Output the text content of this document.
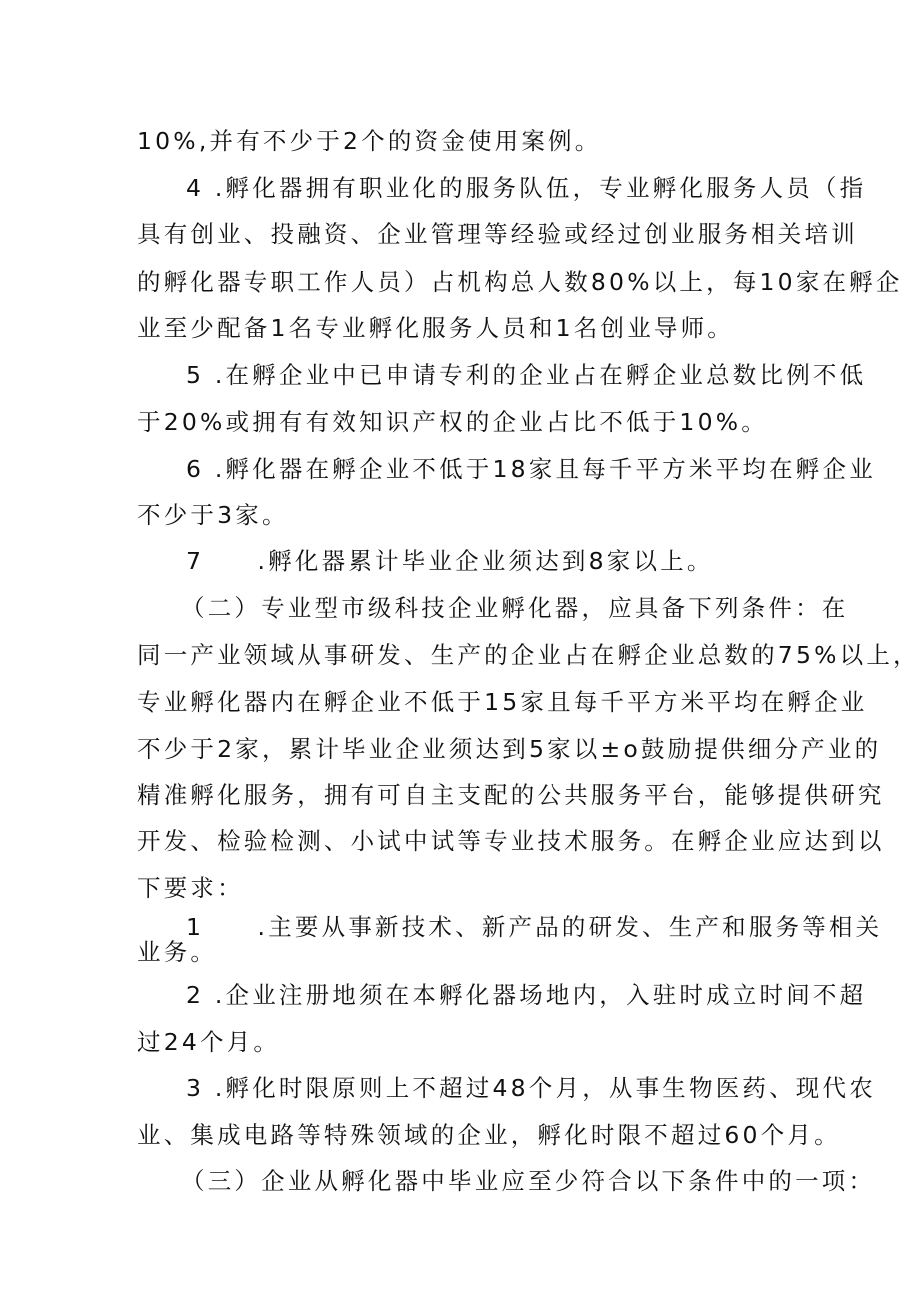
10%,并有不少于2个的资金使用案例。
4 .孵化器拥有职业化的服务队伍，专业孵化服务人员（指
具有创业、投融资、企业管理等经验或经过创业服务相关培训
的孵化器专职工作人员）占机构总人数80%以上，每10家在孵企
业至少配备1名专业孵化服务人员和1名创业导师。
5 .在孵企业中已申请专利的企业占在孵企业总数比例不低
于20%或拥有有效知识产权的企业占比不低于10%。
6 .孵化器在孵企业不低于18家且每千平方米平均在孵企业
不少于3家。
7　　.孵化器累计毕业企业须达到8家以上。
（二）专业型市级科技企业孵化器，应具备下列条件：在
同一产业领域从事研发、生产的企业占在孵企业总数的75%以上，
专业孵化器内在孵企业不低于15家且每千平方米平均在孵企业
不少于2家，累计毕业企业须达到5家以±o鼓励提供细分产业的
精准孵化服务，拥有可自主支配的公共服务平台，能够提供研究
开发、检验检测、小试中试等专业技术服务。在孵企业应达到以
下要求：
1　　.主要从事新技术、新产品的研发、生产和服务等相关
业务。
2 .企业注册地须在本孵化器场地内，入驻时成立时间不超
过24个月。
3 .孵化时限原则上不超过48个月，从事生物医药、现代农
业、集成电路等特殊领域的企业，孵化时限不超过60个月。
（三）企业从孵化器中毕业应至少符合以下条件中的一项：
